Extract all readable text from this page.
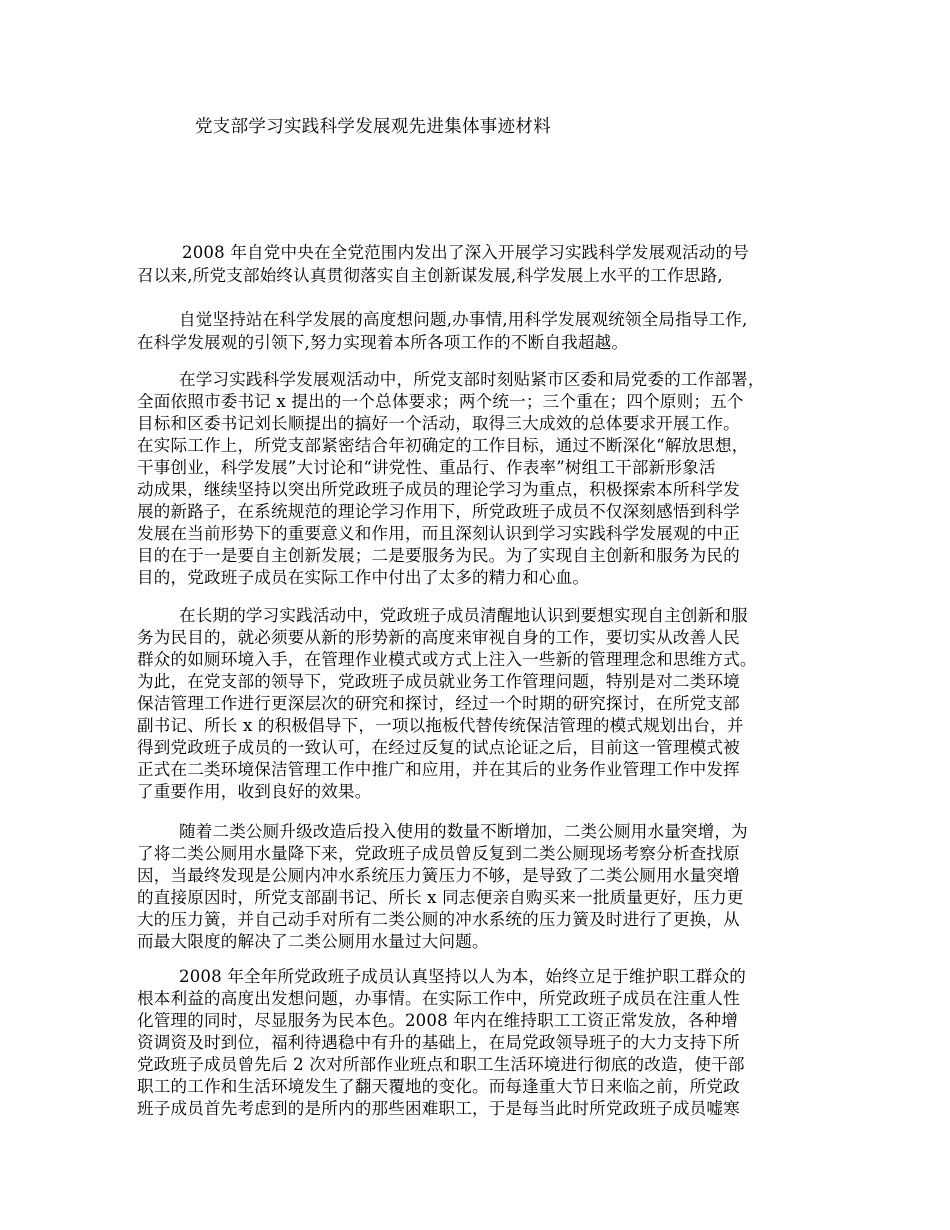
党支部学习实践科学发展观先进集体事迹材料
2008 年自党中央在全党范围内发出了深入开展学习实践科学发展观活动的号
召以来,所党支部始终认真贯彻落实自主创新谋发展,科学发展上水平的工作思路,
自觉坚持站在科学发展的高度想问题,办事情,用科学发展观统领全局指导工作,
在科学发展观的引领下,努力实现着本所各项工作的不断自我超越。
在学习实践科学发展观活动中，所党支部时刻贴紧市区委和局党委的工作部署，
全面依照市委书记 x 提出的一个总体要求；两个统一；三个重在；四个原则；五个
目标和区委书记刘长顺提出的搞好一个活动，取得三大成效的总体要求开展工作。
在实际工作上，所党支部紧密结合年初确定的工作目标，通过不断深化“解放思想，
干事创业，科学发展”大讨论和“讲党性、重品行、作表率”树组工干部新形象活
动成果，继续坚持以突出所党政班子成员的理论学习为重点，积极探索本所科学发
展的新路子，在系统规范的理论学习作用下，所党政班子成员不仅深刻感悟到科学
发展在当前形势下的重要意义和作用，而且深刻认识到学习实践科学发展观的中正
目的在于一是要自主创新发展；二是要服务为民。为了实现自主创新和服务为民的
目的，党政班子成员在实际工作中付出了太多的精力和心血。
在长期的学习实践活动中，党政班子成员清醒地认识到要想实现自主创新和服
务为民目的，就必须要从新的形势新的高度来审视自身的工作，要切实从改善人民
群众的如厕环境入手，在管理作业模式或方式上注入一些新的管理理念和思维方式。
为此，在党支部的领导下，党政班子成员就业务工作管理问题，特别是对二类环境
保洁管理工作进行更深层次的研究和探讨，经过一个时期的研究探讨，在所党支部
副书记、所长 x 的积极倡导下，一项以拖板代替传统保洁管理的模式规划出台，并
得到党政班子成员的一致认可，在经过反复的试点论证之后，目前这一管理模式被
正式在二类环境保洁管理工作中推广和应用，并在其后的业务作业管理工作中发挥
了重要作用，收到良好的效果。
随着二类公厕升级改造后投入使用的数量不断增加，二类公厕用水量突增，为
了将二类公厕用水量降下来，党政班子成员曾反复到二类公厕现场考察分析查找原
因，当最终发现是公厕内冲水系统压力簧压力不够，是导致了二类公厕用水量突增
的直接原因时，所党支部副书记、所长 x 同志便亲自购买来一批质量更好，压力更
大的压力簧，并自己动手对所有二类公厕的冲水系统的压力簧及时进行了更换，从
而最大限度的解决了二类公厕用水量过大问题。
2008 年全年所党政班子成员认真坚持以人为本，始终立足于维护职工群众的
根本利益的高度出发想问题，办事情。在实际工作中，所党政班子成员在注重人性
化管理的同时，尽显服务为民本色。2008 年内在维持职工工资正常发放，各种增
资调资及时到位，福利待遇稳中有升的基础上，在局党政领导班子的大力支持下所
党政班子成员曾先后 2 次对所部作业班点和职工生活环境进行彻底的改造，使干部
职工的工作和生活环境发生了翻天覆地的变化。而每逢重大节日来临之前，所党政
班子成员首先考虑到的是所内的那些困难职工，于是每当此时所党政班子成员嘘寒
